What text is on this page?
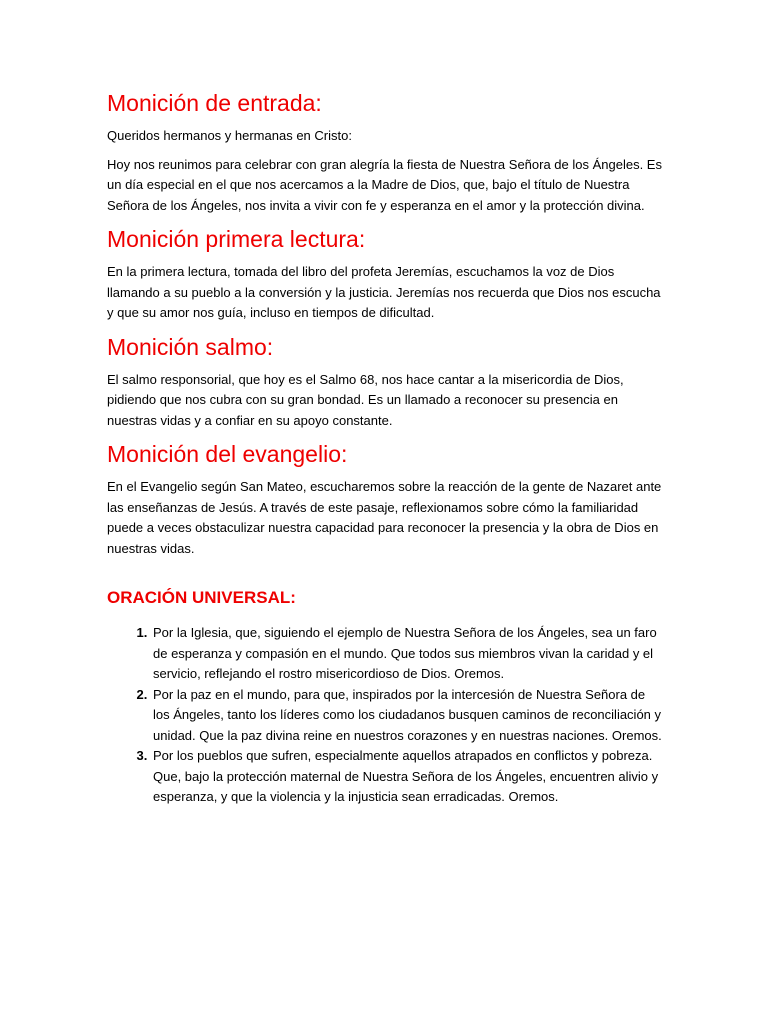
Monición de entrada:

Queridos hermanos y hermanas en Cristo:

Hoy nos reunimos para celebrar con gran alegría la fiesta de Nuestra Señora de los Ángeles. Es un día especial en el que nos acercamos a la Madre de Dios, que, bajo el título de Nuestra Señora de los Ángeles, nos invita a vivir con fe y esperanza en el amor y la protección divina.

Monición primera lectura:

En la primera lectura, tomada del libro del profeta Jeremías, escuchamos la voz de Dios llamando a su pueblo a la conversión y la justicia. Jeremías nos recuerda que Dios nos escucha y que su amor nos guía, incluso en tiempos de dificultad.

Monición salmo:

El salmo responsorial, que hoy es el Salmo 68, nos hace cantar a la misericordia de Dios, pidiendo que nos cubra con su gran bondad. Es un llamado a reconocer su presencia en nuestras vidas y a confiar en su apoyo constante.

Monición del evangelio:

En el Evangelio según San Mateo, escucharemos sobre la reacción de la gente de Nazaret ante las enseñanzas de Jesús. A través de este pasaje, reflexionamos sobre cómo la familiaridad puede a veces obstaculizar nuestra capacidad para reconocer la presencia y la obra de Dios en nuestras vidas.

ORACIÓN UNIVERSAL:
1. Por la Iglesia, que, siguiendo el ejemplo de Nuestra Señora de los Ángeles, sea un faro de esperanza y compasión en el mundo. Que todos sus miembros vivan la caridad y el servicio, reflejando el rostro misericordioso de Dios. Oremos.
2. Por la paz en el mundo, para que, inspirados por la intercesión de Nuestra Señora de los Ángeles, tanto los líderes como los ciudadanos busquen caminos de reconciliación y unidad. Que la paz divina reine en nuestros corazones y en nuestras naciones. Oremos.
3. Por los pueblos que sufren, especialmente aquellos atrapados en conflictos y pobreza. Que, bajo la protección maternal de Nuestra Señora de los Ángeles, encuentren alivio y esperanza, y que la violencia y la injusticia sean erradicadas. Oremos.
